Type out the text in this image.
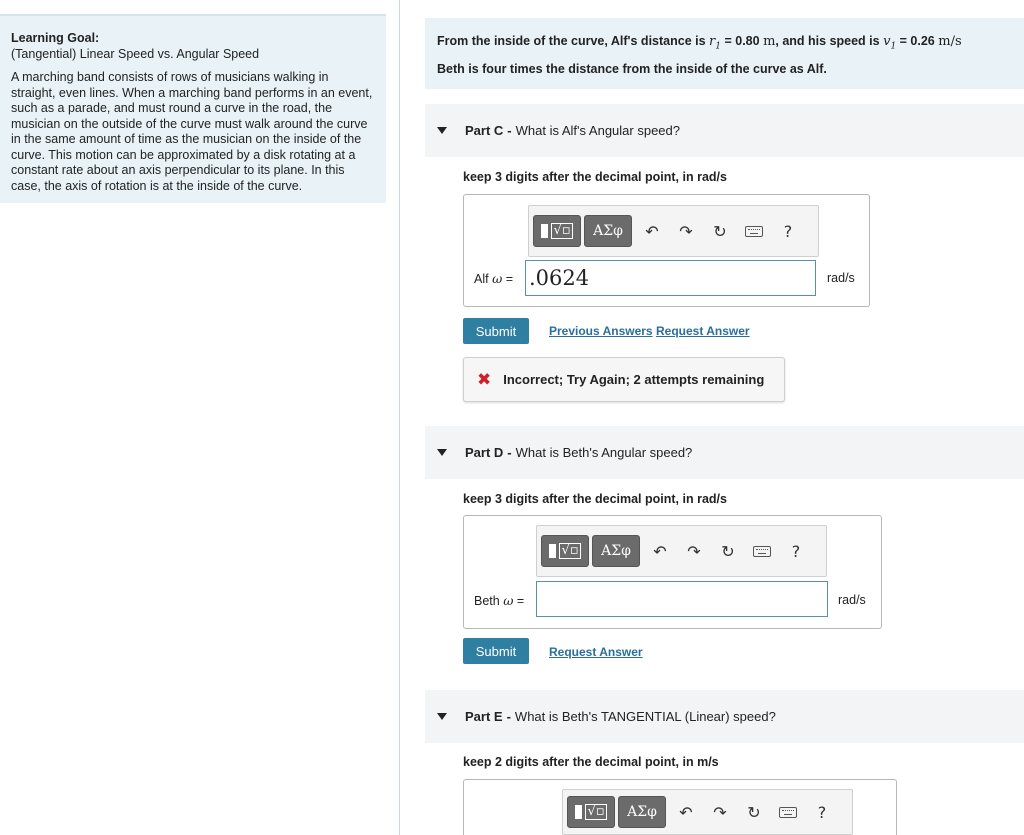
Learning Goal:
(Tangential) Linear Speed vs. Angular Speed
A marching band consists of rows of musicians walking in straight, even lines. When a marching band performs in an event, such as a parade, and must round a curve in the road, the musician on the outside of the curve must walk around the curve in the same amount of time as the musician on the inside of the curve. This motion can be approximated by a disk rotating at a constant rate about an axis perpendicular to its plane. In this case, the axis of rotation is at the inside of the curve.
From the inside of the curve, Alf's distance is $r_1 = 0.80$ m, and his speed is $v_1 = 0.26$ m/s
Beth is four times the distance from the inside of the curve as Alf.
Part C - What is Alf's Angular speed?
keep 3 digits after the decimal point, in rad/s
√▫	ΑΣφ	↶	↷	↻	?
Alf ω = .0624	rad/s
Submit	Previous Answers Request Answer
✖ Incorrect; Try Again; 2 attempts remaining
Part D - What is Beth's Angular speed?
keep 3 digits after the decimal point, in rad/s
√▫	ΑΣφ	↶	↷	↻	?
Beth ω =	rad/s
Submit	Request Answer
Part E - What is Beth's TANGENTIAL (Linear) speed?
keep 2 digits after the decimal point, in m/s
√▫	ΑΣφ	↶	↷	↻	?
